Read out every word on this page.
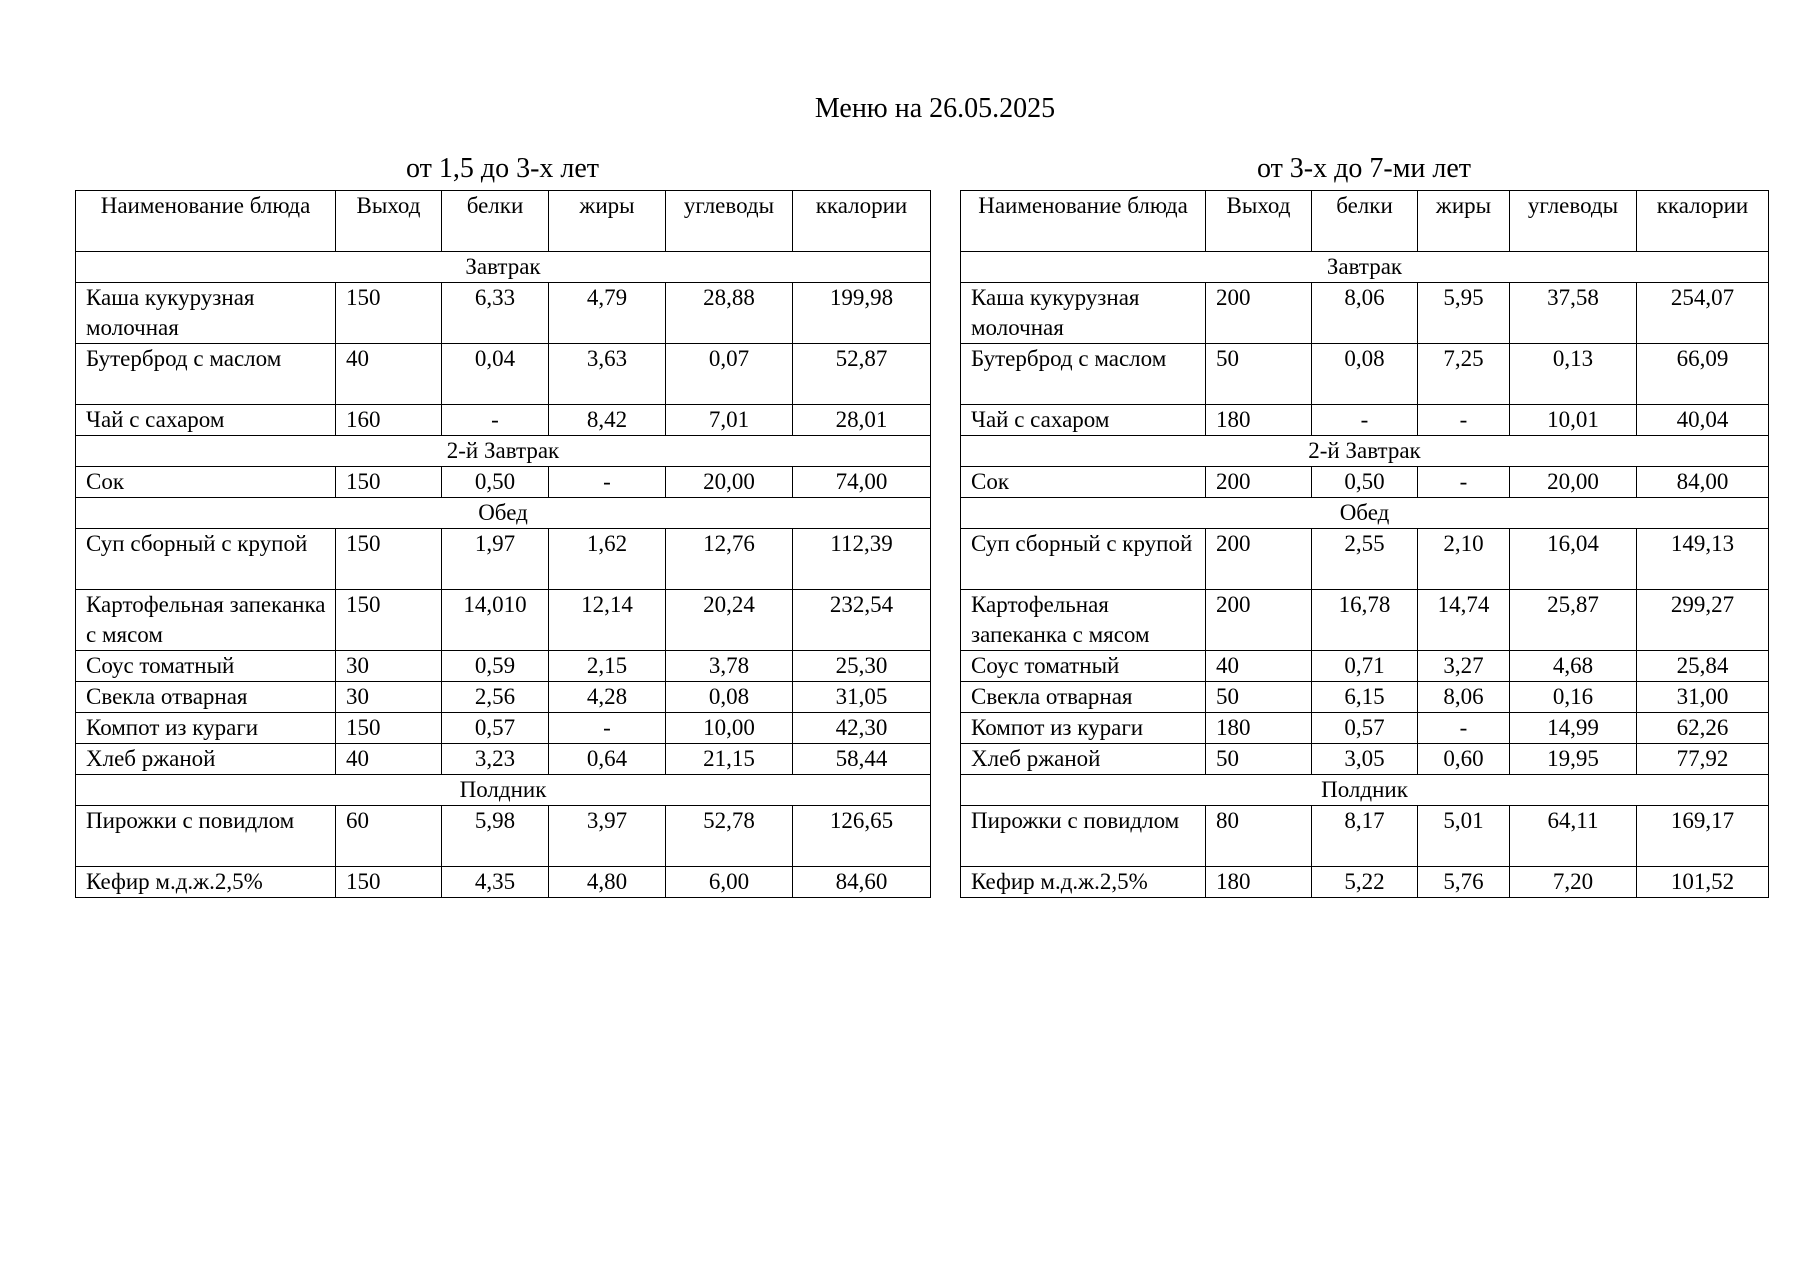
Меню на 26.05.2025
от 1,5 до 3-х лет
Наименование блюда	Выход	белки	жиры	углеводы	ккалории
Завтрак					
Каша кукурузная молочная	150	6,33	4,79	28,88	199,98
Бутерброд с маслом	40	0,04	3,63	0,07	52,87
Чай с сахаром	160	-	8,42	7,01	28,01
2-й Завтрак					
Сок	150	0,50	-	20,00	74,00
Обед					
Суп сборный с крупой	150	1,97	1,62	12,76	112,39
Картофельная запеканка с мясом	150	14,010	12,14	20,24	232,54
Соус томатный	30	0,59	2,15	3,78	25,30
Свекла отварная	30	2,56	4,28	0,08	31,05
Компот из кураги	150	0,57	-	10,00	42,30
Хлеб ржаной	40	3,23	0,64	21,15	58,44
Полдник					
Пирожки с повидлом	60	5,98	3,97	52,78	126,65
Кефир м.д.ж.2,5%	150	4,35	4,80	6,00	84,60
от 3-х до 7-ми лет
Наименование блюда	Выход	белки	жиры	углеводы	ккалории
Завтрак					
Каша кукурузная молочная	200	8,06	5,95	37,58	254,07
Бутерброд с маслом	50	0,08	7,25	0,13	66,09
Чай с сахаром	180	-	-	10,01	40,04
2-й Завтрак					
Сок	200	0,50	-	20,00	84,00
Обед					
Суп сборный с крупой	200	2,55	2,10	16,04	149,13
Картофельная запеканка с мясом	200	16,78	14,74	25,87	299,27
Соус томатный	40	0,71	3,27	4,68	25,84
Свекла отварная	50	6,15	8,06	0,16	31,00
Компот из кураги	180	0,57	-	14,99	62,26
Хлеб ржаной	50	3,05	0,60	19,95	77,92
Полдник					
Пирожки с повидлом	80	8,17	5,01	64,11	169,17
Кефир м.д.ж.2,5%	180	5,22	5,76	7,20	101,52
